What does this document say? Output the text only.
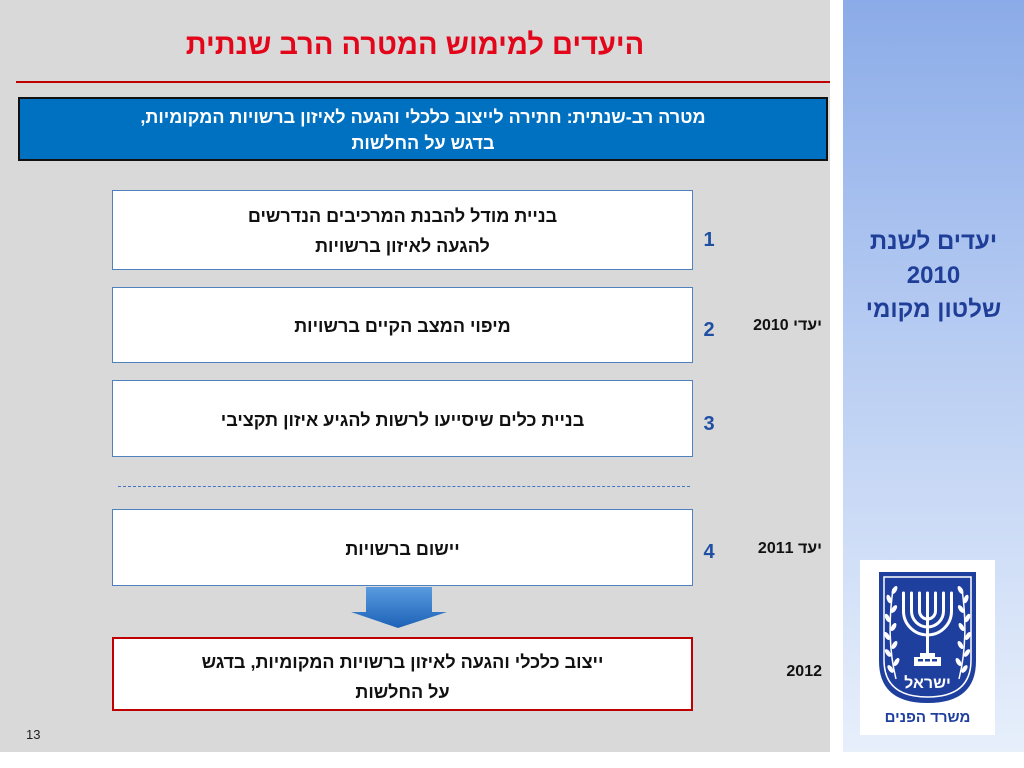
היעדים למימוש המטרה הרב שנתית
מטרה רב-שנתית: חתירה לייצוב כלכלי והגעה לאיזון ברשויות המקומיות,
בדגש על החלשות
בניית מודל להבנת המרכיבים הנדרשים
להגעה לאיזון ברשויות	1
מיפוי המצב הקיים ברשויות	2	יעדי 2010
בניית כלים שיסייעו לרשות להגיע איזון תקציבי	3
יישום ברשויות	4	יעד 2011
ייצוב כלכלי והגעה לאיזון ברשויות המקומיות, בדגש
על החלשות
2012
13
יעדים לשנת
2010
שלטון מקומי
ישראל
משרד הפנים
